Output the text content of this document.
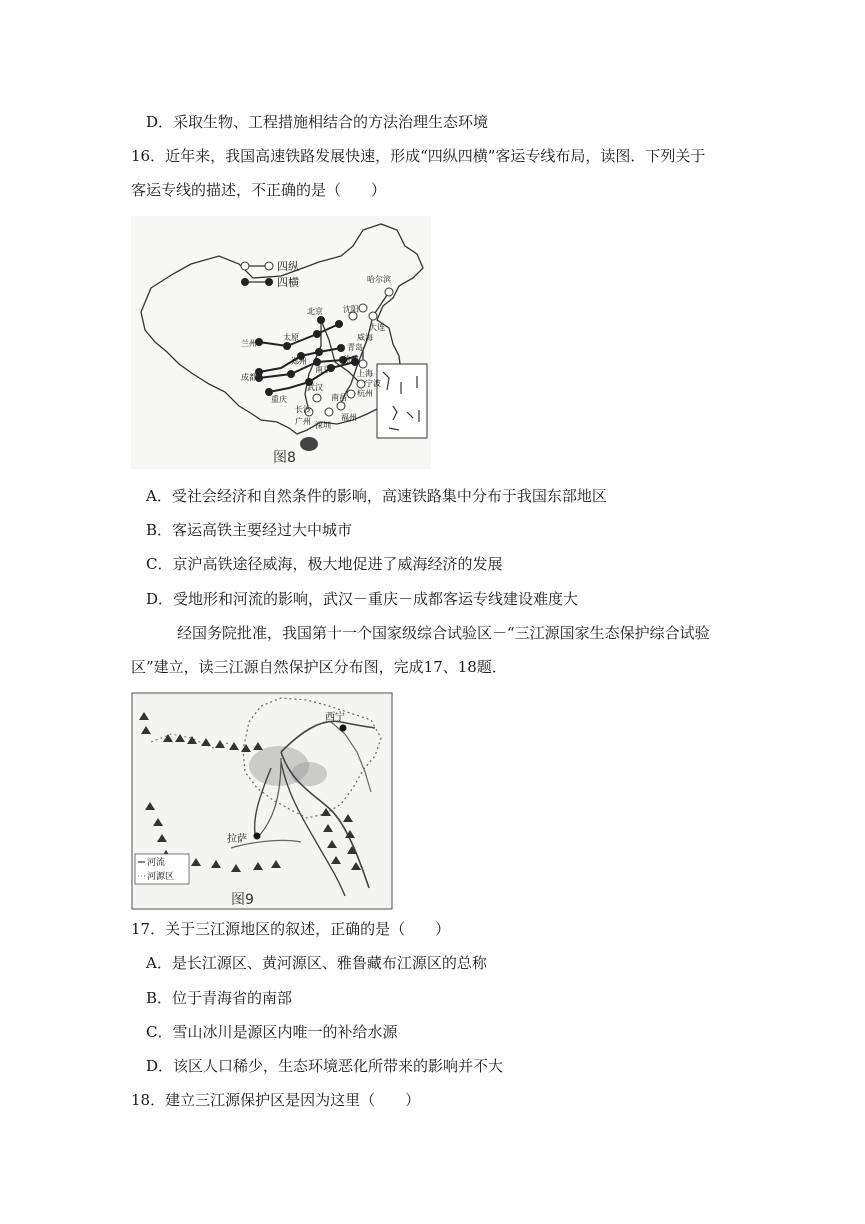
D．采取生物、工程措施相结合的方法治理生态环境
16．近年来，我国高速铁路发展快速，形成“四纵四横”客运专线布局，读图．下列关于
客运专线的描述，不正确的是（　　）
四纵
四横	哈尔滨
沈阳
大连
北京
威海
青岛
太原
兰州
郑州	徐州
南京	上海
成都
武汉
杭州
宁波
重庆	南昌
长沙
福州
广州 深圳
图8
A．受社会经济和自然条件的影响，高速铁路集中分布于我国东部地区
B．客运高铁主要经过大中城市
C．京沪高铁途径威海，极大地促进了威海经济的发展
D．受地形和河流的影响，武汉－重庆－成都客运专线建设难度大
经国务院批准，我国第十一个国家级综合试验区－“三江源国家生态保护综合试验
区”建立，读三江源自然保护区分布图，完成17、18题．
西宁
拉萨
河流
河源区
图9
17．关于三江源地区的叙述，正确的是（　　）
A．是长江源区、黄河源区、雅鲁藏布江源区的总称
B．位于青海省的南部
C．雪山冰川是源区内唯一的补给水源
D．该区人口稀少，生态环境恶化所带来的影响并不大
18．建立三江源保护区是因为这里（　　）
